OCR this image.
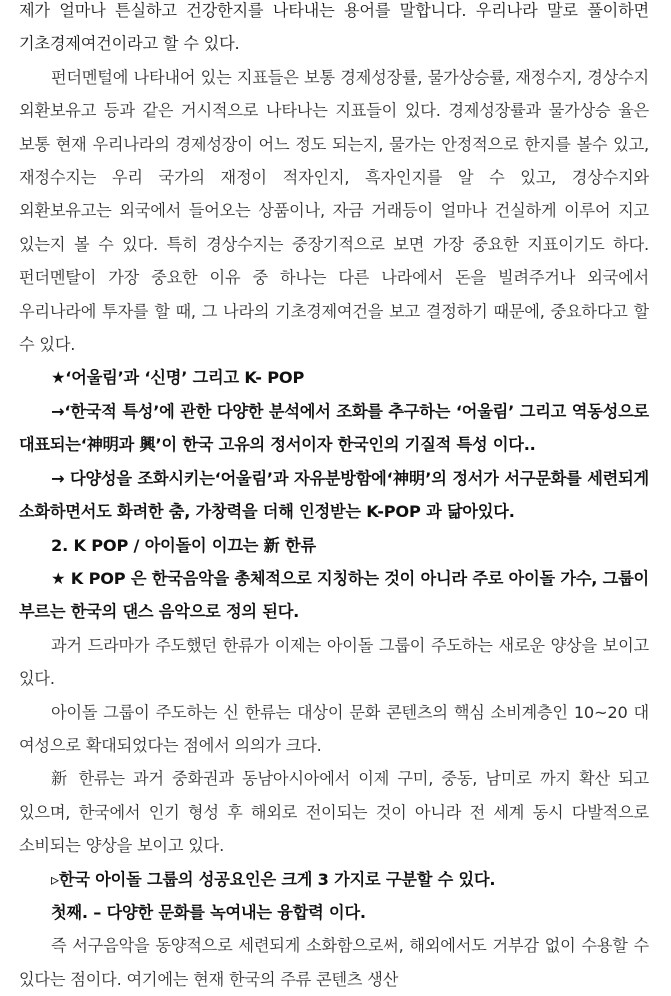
제가 얼마나 튼실하고 건강한지를 나타내는 용어를 말합니다. 우리나라 말로 풀이하면 기초경제여건이라고 할 수 있다.

펀더멘털에 나타내어 있는 지표들은 보통 경제성장률, 물가상승률, 재정수지, 경상수지 외환보유고 등과 같은 거시적으로 나타나는 지표들이 있다. 경제성장률과 물가상승 율은 보통 현재 우리나라의 경제성장이 어느 정도 되는지, 물가는 안정적으로 한지를 볼수 있고, 재정수지는 우리 국가의 재정이 적자인지, 흑자인지를 알 수 있고, 경상수지와 외환보유고는 외국에서 들어오는 상품이나, 자금 거래등이 얼마나 건실하게 이루어 지고 있는지 볼 수 있다. 특히 경상수지는 중장기적으로 보면 가장 중요한 지표이기도 하다. 펀더멘탈이 가장 중요한 이유 중 하나는 다른 나라에서 돈을 빌려주거나 외국에서 우리나라에 투자를 할 때, 그 나라의 기초경제여건을 보고 결정하기 때문에, 중요하다고 할 수 있다.

★‘어울림’과 ‘신명’ 그리고 K- POP

→‘한국적 특성’에 관한 다양한 분석에서 조화를 추구하는 ‘어울림’ 그리고 역동성으로 대표되는‘神明과 興’이 한국 고유의 정서이자 한국인의 기질적 특성 이다..

→ 다양성을 조화시키는‘어울림’과 자유분방함에‘神明’의 정서가 서구문화를 세련되게 소화하면서도 화려한 춤, 가창력을 더해 인정받는 K-POP 과 닮아있다.

2. K POP / 아이돌이 이끄는 新 한류

★ K POP 은 한국음악을 총체적으로 지칭하는 것이 아니라 주로 아이돌 가수, 그룹이 부르는 한국의 댄스 음악으로 정의 된다.

과거 드라마가 주도했던 한류가 이제는 아이돌 그룹이 주도하는 새로운 양상을 보이고 있다.

아이돌 그룹이 주도하는 신 한류는 대상이 문화 콘텐츠의 핵심 소비계층인 10~20 대 여성으로 확대되었다는 점에서 의의가 크다.

新 한류는 과거 중화권과 동남아시아에서 이제 구미, 중동, 남미로 까지 확산 되고 있으며, 한국에서 인기 형성 후 해외로 전이되는 것이 아니라 전 세계 동시 다발적으로 소비되는 양상을 보이고 있다.

▹한국 아이돌 그룹의 성공요인은 크게 3 가지로 구분할 수 있다.

첫째. – 다양한 문화를 녹여내는 융합력 이다.

즉 서구음악을 동양적으로 세련되게 소화함으로써, 해외에서도 거부감 없이 수용할 수 있다는 점이다. 여기에는 현재 한국의 주류 콘텐츠 생산
